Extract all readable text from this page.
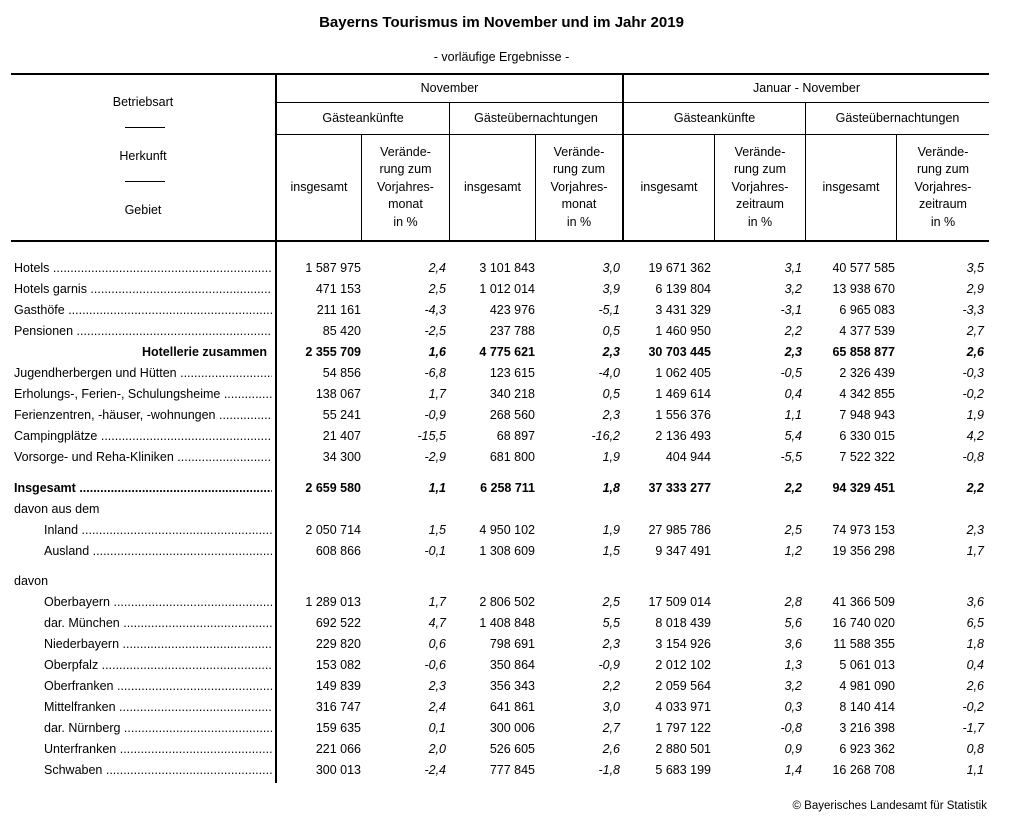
Bayerns Tourismus im November und im Jahr 2019
- vorläufige Ergebnisse -
Betriebsart
Herkunft
Gebiet
November	Januar - November
Gästeankünfte	Gästeübernachtungen	Gästeankünfte	Gästeübernachtungen
insgesamt
Verände-
rung zum
Vorjahres-
monat
in %
insgesamt
Verände-
rung zum
Vorjahres-
monat
in %
insgesamt
Verände-
rung zum
Vorjahres-
zeitraum
in %
insgesamt
Verände-
rung zum
Vorjahres-
zeitraum
in %
Hotels .....	1 587 975	2,4	3 101 843	3,0	19 671 362	3,1	40 577 585	3,5
Hotels garnis .....	471 153	2,5	1 012 014	3,9	6 139 804	3,2	13 938 670	2,9
Gasthöfe .....	211 161	-4,3	423 976	-5,1	3 431 329	-3,1	6 965 083	-3,3
Pensionen .....	85 420	-2,5	237 788	0,5	1 460 950	2,2	4 377 539	2,7
Hotellerie zusammen	2 355 709	1,6	4 775 621	2,3	30 703 445	2,3	65 858 877	2,6
Jugendherbergen und Hütten .....	54 856	-6,8	123 615	-4,0	1 062 405	-0,5	2 326 439	-0,3
Erholungs-, Ferien-, Schulungsheime .....	138 067	1,7	340 218	0,5	1 469 614	0,4	4 342 855	-0,2
Ferienzentren, -häuser, -wohnungen .....	55 241	-0,9	268 560	2,3	1 556 376	1,1	7 948 943	1,9
Campingplätze .....	21 407	-15,5	68 897	-16,2	2 136 493	5,4	6 330 015	4,2
Vorsorge- und Reha-Kliniken .....	34 300	-2,9	681 800	1,9	404 944	-5,5	7 522 322	-0,8
Insgesamt .....	2 659 580	1,1	6 258 711	1,8	37 333 277	2,2	94 329 451	2,2
davon aus dem
Inland .....	2 050 714	1,5	4 950 102	1,9	27 985 786	2,5	74 973 153	2,3
Ausland .....	608 866	-0,1	1 308 609	1,5	9 347 491	1,2	19 356 298	1,7
davon
Oberbayern .....	1 289 013	1,7	2 806 502	2,5	17 509 014	2,8	41 366 509	3,6
dar. München .....	692 522	4,7	1 408 848	5,5	8 018 439	5,6	16 740 020	6,5
Niederbayern .....	229 820	0,6	798 691	2,3	3 154 926	3,6	11 588 355	1,8
Oberpfalz .....	153 082	-0,6	350 864	-0,9	2 012 102	1,3	5 061 013	0,4
Oberfranken .....	149 839	2,3	356 343	2,2	2 059 564	3,2	4 981 090	2,6
Mittelfranken .....	316 747	2,4	641 861	3,0	4 033 971	0,3	8 140 414	-0,2
dar. Nürnberg .....	159 635	0,1	300 006	2,7	1 797 122	-0,8	3 216 398	-1,7
Unterfranken .....	221 066	2,0	526 605	2,6	2 880 501	0,9	6 923 362	0,8
Schwaben .....	300 013	-2,4	777 845	-1,8	5 683 199	1,4	16 268 708	1,1
© Bayerisches Landesamt für Statistik
